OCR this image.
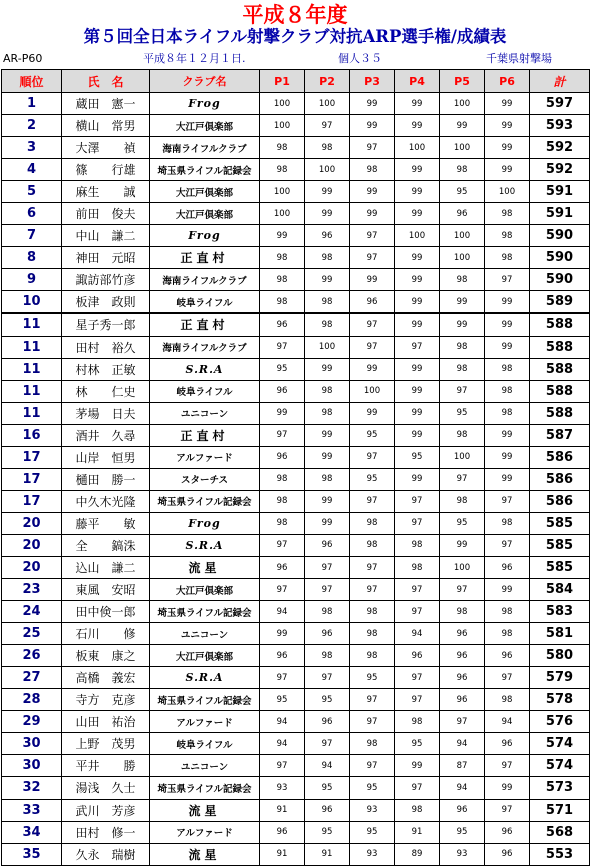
平成８年度
第５回全日本ライフル射撃クラブ対抗ARP選手権/成績表
AR-P60	平成８年１２月１日.	個人３５	千葉県射撃場
順位	氏　名	クラブ名	P1	P2	P3	P4	P5	P6	計
1	蔵田　憲一	Frog	100	100	99	99	100	99	597
2	横山　常男	大江戸倶楽部	100	97	99	99	99	99	593
3	大澤　　禎	海南ライフルクラブ	98	98	97	100	100	99	592
4	篠　　行雄	埼玉県ライフル記録会	98	100	98	99	98	99	592
5	麻生　　誠	大江戸倶楽部	100	99	99	99	95	100	591
6	前田　俊夫	大江戸倶楽部	100	99	99	99	96	98	591
7	中山　謙二	Frog	99	96	97	100	100	98	590
8	神田　元昭	正直村	98	98	97	99	100	98	590
9	諏訪部竹彦	海南ライフルクラブ	98	99	99	99	98	97	590
10	板津　政則	岐阜ライフル	98	98	96	99	99	99	589
11	星子秀一郎	正直村	96	98	97	99	99	99	588
11	田村　裕久	海南ライフルクラブ	97	100	97	97	98	99	588
11	村林　正敏	S.R.A	95	99	99	99	98	98	588
11	林　　仁史	岐阜ライフル	96	98	100	99	97	98	588
11	茅場　日夫	ユニコーン	99	98	99	99	95	98	588
16	酒井　久尋	正直村	97	99	95	99	98	99	587
17	山岸　恒男	アルファード	96	99	97	95	100	99	586
17	樋田　勝一	スターチス	98	98	95	99	97	99	586
17	中久木光隆	埼玉県ライフル記録会	98	99	97	97	98	97	586
20	藤平　　敏	Frog	98	99	98	97	95	98	585
20	全　　鎬洙	S.R.A	97	96	98	98	99	97	585
20	込山　謙二	流星	96	97	97	98	100	96	585
23	東風　安昭	大江戸倶楽部	97	97	97	97	97	99	584
24	田中倹一郎	埼玉県ライフル記録会	94	98	98	97	98	98	583
25	石川　　修	ユニコーン	99	96	98	94	96	98	581
26	板東　康之	大江戸倶楽部	96	98	98	96	96	96	580
27	高橋　義宏	S.R.A	97	97	95	97	96	97	579
28	寺方　克彦	埼玉県ライフル記録会	95	95	97	97	96	98	578
29	山田　祐治	アルファード	94	96	97	98	97	94	576
30	上野　茂男	岐阜ライフル	94	97	98	95	94	96	574
30	平井　　勝	ユニコーン	97	94	97	99	87	97	574
32	湯浅　久士	埼玉県ライフル記録会	93	95	95	97	94	99	573
33	武川　芳彦	流星	91	96	93	98	96	97	571
34	田村　修一	アルファード	96	95	95	91	95	96	568
35	久永　瑞樹	流星	91	91	93	89	93	96	553
